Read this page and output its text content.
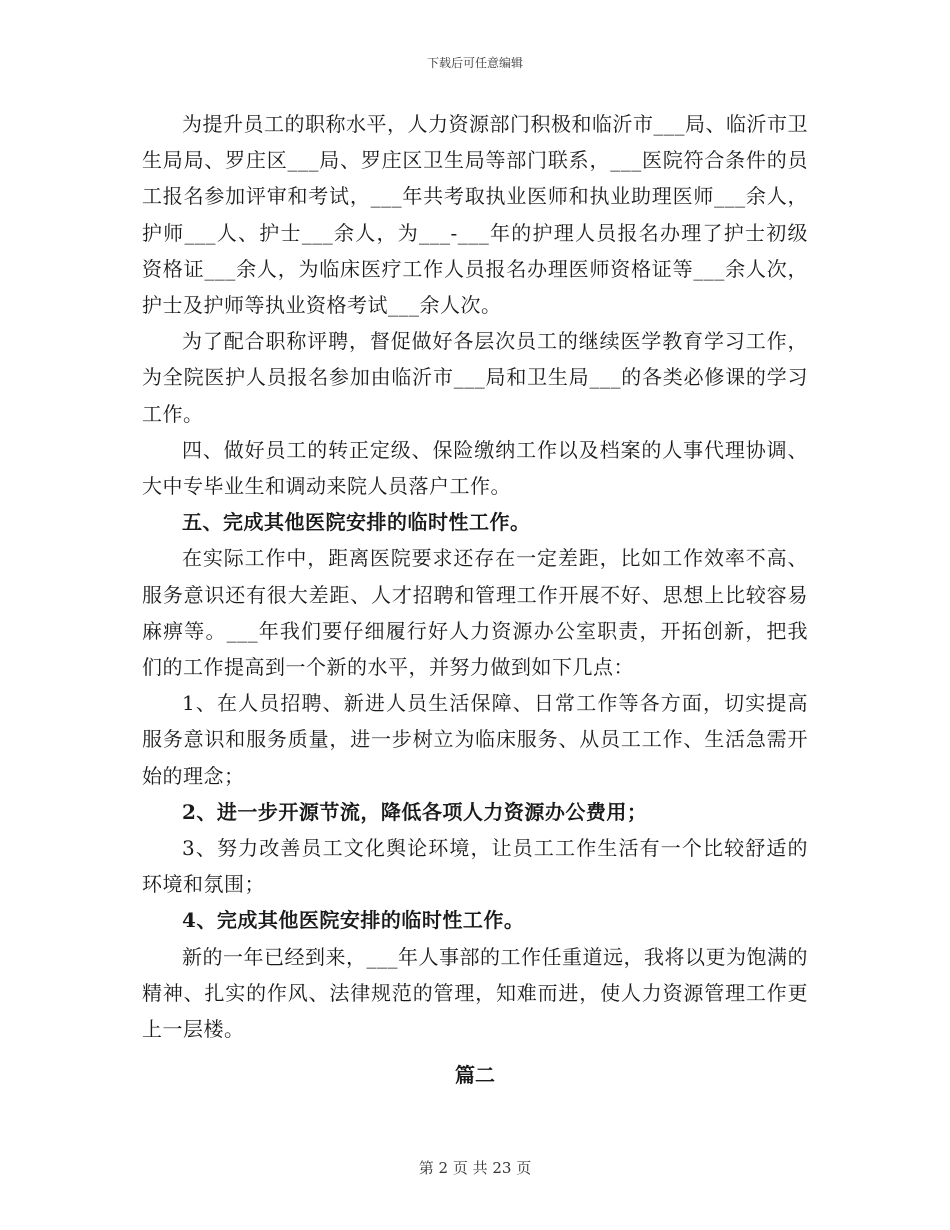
下载后可任意编辑

为提升员工的职称水平，人力资源部门积极和临沂市___局、临沂市卫生局局、罗庄区___局、罗庄区卫生局等部门联系，___医院符合条件的员工报名参加评审和考试，___年共考取执业医师和执业助理医师___余人，护师___人、护士___余人，为___-___年的护理人员报名办理了护士初级资格证___余人，为临床医疗工作人员报名办理医师资格证等___余人次，护士及护师等执业资格考试___余人次。

为了配合职称评聘，督促做好各层次员工的继续医学教育学习工作，为全院医护人员报名参加由临沂市___局和卫生局___的各类必修课的学习工作。

四、做好员工的转正定级、保险缴纳工作以及档案的人事代理协调、大中专毕业生和调动来院人员落户工作。

五、完成其他医院安排的临时性工作。

在实际工作中，距离医院要求还存在一定差距，比如工作效率不高、服务意识还有很大差距、人才招聘和管理工作开展不好、思想上比较容易麻痹等。___年我们要仔细履行好人力资源办公室职责，开拓创新，把我们的工作提高到一个新的水平，并努力做到如下几点：

1、在人员招聘、新进人员生活保障、日常工作等各方面，切实提高服务意识和服务质量，进一步树立为临床服务、从员工工作、生活急需开始的理念；

2、进一步开源节流，降低各项人力资源办公费用；

3、努力改善员工文化舆论环境，让员工工作生活有一个比较舒适的环境和氛围；

4、完成其他医院安排的临时性工作。

新的一年已经到来，___年人事部的工作任重道远，我将以更为饱满的精神、扎实的作风、法律规范的管理，知难而进，使人力资源管理工作更上一层楼。

篇二
第 2 页 共 23 页
